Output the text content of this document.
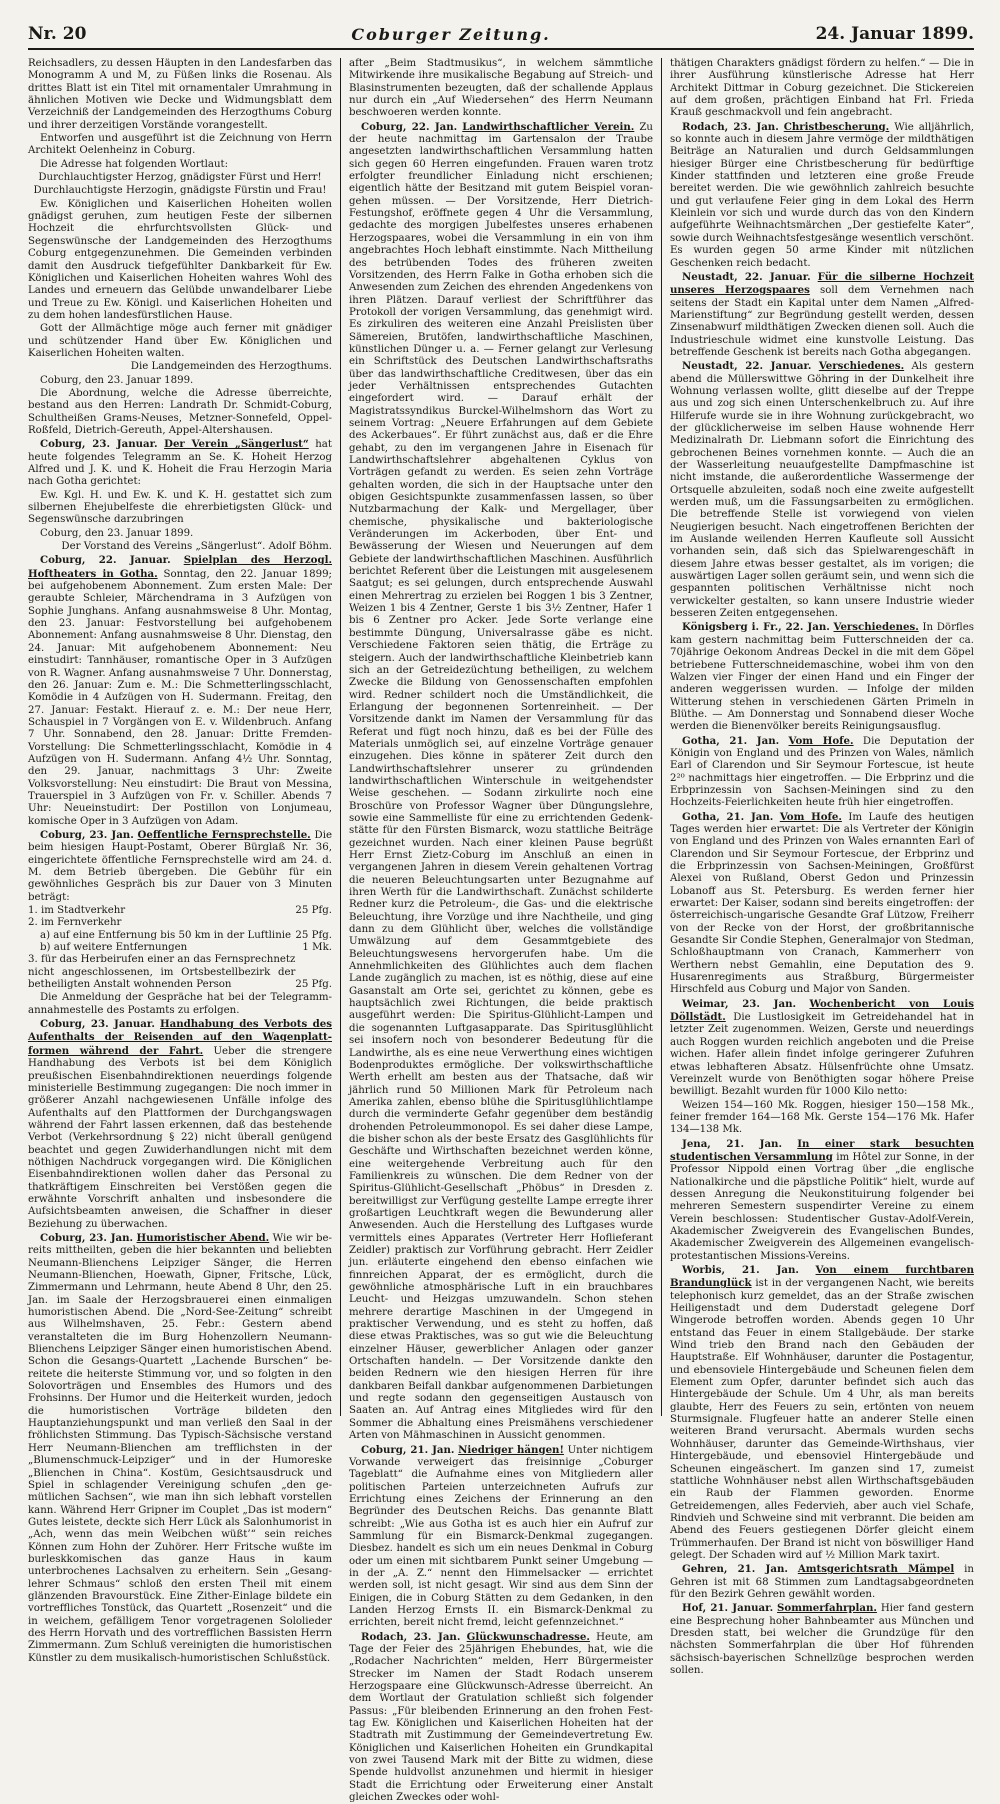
Nr. 20	Coburger Zeitung.	24. Januar 1899.

Reichsadlers, zu dessen Häupten in den Landesfarben das Monogramm A und M, zu Füßen links die Rosenau. Als drittes Blatt ist ein Titel mit ornamentaler Umrahmung in ähnlichen Motiven wie Decke und Widmungsblatt dem Verzeichniß der Landgemeinden des Herzogthums Coburg und ihrer derzeitigen Vorstände vorangestellt.

Entworfen und ausgeführt ist die Zeichnung von Herrn Architekt Oelenheinz in Coburg.

Die Adresse hat folgenden Wortlaut:

Durchlauchtigster Herzog, gnädigster Fürst und Herr!

Durchlauchtigste Herzogin, gnädigste Fürstin und Frau!

Ew. Königlichen und Kaiserlichen Hoheiten wollen gnädigst geruhen, zum heutigen Feste der silbernen Hochzeit die ehrfurchtsvollsten Glück- und Segenswünsche der Landgemeinden des Herzogthums Coburg entgegenzunehmen. Die Gemeinden verbinden damit den Ausdruck tiefgefühlter Dankbarkeit für Ew. Königlichen und Kaiserlichen Hoheiten wahres Wohl des Landes und erneuern das Gelübde unwandelbarer Liebe und Treue zu Ew. Königl. und Kaiserlichen Hoheiten und zu dem hohen landesfürstlichen Hause.

Gott der Allmächtige möge auch ferner mit gnädiger und schützender Hand über Ew. Königlichen und Kaiserlichen Hoheiten walten.

Die Landgemeinden des Herzogthums.

Coburg, den 23. Januar 1899.

Die Abordnung, welche die Adresse überreichte, bestand aus den Herren: Landrath Dr. Schmidt-Coburg, Schultheißen Grams-Neuses, Metzner-Sonnefeld, Oppel-Roßfeld, Dietrich-Gereuth, Appel-Altershausen.

Coburg, 23. Januar. Der Verein „Sängerlust“ hat heute folgendes Telegramm an Se. K. Hoheit Herzog Alfred und J. K. und K. Hoheit die Frau Herzogin Maria nach Gotha gerichtet:

Ew. Kgl. H. und Ew. K. und K. H. gestattet sich zum silbernen Ehejubelfeste die ehrerbietigsten Glück- und Segenswünsche darzubringen

Coburg, den 23. Januar 1899.

Der Vorstand des Vereins „Sängerlust“. Adolf Böhm.

Coburg, 22. Januar. Spielplan des Herzogl. Hoftheaters in Gotha. Sonntag, den 22. Januar 1899; bei aufgehobenem Abonnement. Zum ersten Male: Der geraubte Schleier, Märchendrama in 3 Aufzügen von Sophie Junghans. Anfang ausnahmsweise 8 Uhr. Montag, den 23. Januar: Festvorstellung bei aufgehobenem Abonnement: Anfang ausnahmsweise 8 Uhr. Dienstag, den 24. Januar: Mit aufgehobenem Abonnement: Neu einstudirt: Tannhäuser, romantische Oper in 3 Aufzügen von R. Wagner. Anfang ausnahmsweise 7 Uhr. Donnerstag, den 26. Januar: Zum e. M.: Die Schmetterlingsschlacht, Komödie in 4 Aufzügen von H. Sudermann. Freitag, den 27. Januar: Festakt. Hierauf z. e. M.: Der neue Herr, Schauspiel in 7 Vorgängen von E. v. Wildenbruch. Anfang 7 Uhr. Sonnabend, den 28. Januar: Dritte Fremden-Vorstellung: Die Schmetterlingsschlacht, Komödie in 4 Aufzügen von H. Sudermann. Anfang 4½ Uhr. Sonntag, den 29. Januar, nachmittags 3 Uhr: Zweite Volksvorstellung: Neu einstudirt: Die Braut von Messina, Trauerspiel in 3 Aufzügen von Fr. v. Schiller. Abends 7 Uhr: Neueinstudirt: Der Postillon von Lonjumeau, komische Oper in 3 Aufzügen von Adam.

Coburg, 23. Jan. Oeffentliche Fernsprechstelle. Die beim hiesigen Haupt-Postamt, Oberer Bürglaß Nr. 36, eingerichtete öffentliche Fernsprechstelle wird am 24. d. M. dem Betrieb übergeben. Die Gebühr für ein gewöhnliches Gespräch bis zur Dauer von 3 Minuten beträgt:

1. im Stadtverkehr	25 Pfg.
2. im Fernverkehr
a) auf eine Entfernung bis 50 km in der Luftlinie 25 Pfg.
b) auf weitere Entfernungen	1 Mk.
3. für das Herbeirufen einer an das Fernsprechnetz nicht angeschlossenen, im Ortsbestellbezirk der betheiligten Anstalt wohnenden Person	25 Pfg.

Die Anmeldung der Gespräche hat bei der Telegrammannahmestelle des Postamts zu erfolgen.

Coburg, 23. Januar. Handhabung des Verbots des Aufenthalts der Reisenden auf den Wagenplattformen während der Fahrt. Ueber die strengere Handhabung des Verbots ist bei dem Königlich preußischen Eisenbahndirektionen neuerdings folgende ministerielle Bestimmung zugegangen: Die noch immer in größerer Anzahl nachgewiesenen Unfälle infolge des Aufenthalts auf den Plattformen der Durchgangswagen während der Fahrt lassen erkennen, daß das bestehende Verbot (Verkehrsordnung § 22) nicht überall genügend beachtet und gegen Zuwiderhandlungen nicht mit dem nöthigen Nachdruck vorgegangen wird. Die Königlichen Eisenbahndirektionen wollen daher das Personal zu thatkräftigem Einschreiten bei Verstößen gegen die erwähnte Vorschrift anhalten und insbesondere die Aufsichtsbeamten anweisen, die Schaffner in dieser Beziehung zu überwachen.

Coburg, 23. Jan. Humoristischer Abend. Wie wir bereits mittheilten, geben die hier bekannten und beliebten Neumann-Blienchens Leipziger Sänger, die Herren Neumann-Blienchen, Hoewath, Gipner, Fritsche, Lück, Zimmermann und Lehrmann, heute Abend 8 Uhr, den 25. Jan. im Saale der Herzogsbrauerei einen einmaligen humoristischen Abend. Die „Nord-See-Zeitung“ schreibt aus Wilhelmshaven, 25. Febr.: Gestern abend veranstalteten die im Burg Hohenzollern Neumann-Blienchens Leipziger Sänger einen humoristischen Abend. Schon die Gesangs-Quartett „Lachende Burschen“ bereitete die heiterste Stimmung vor, und so folgten in den Solovorträgen und Ensembles des Humors und des Frohsinns. Der Humor und die Heiterkeit wurden, jedoch die humoristischen Vorträge bildeten den Hauptanziehungspunkt und man verließ den Saal in der fröhlichsten Stimmung. Das Typisch-Sächsische verstand Herr Neumann-Blienchen am trefflichsten in der „Blumenschmuck-Leipziger“ und in der Humoreske „Blienchen in China“. Kostüm, Gesichtsausdruck und Spiel in schlagender Vereinigung schufen „den gemütlichen Sachsen“, wie man ihn sich lebhaft vorstellen kann. Während Herr Gripner im Couplet „Das ist modern“ Gutes leistete, deckte sich Herr Lück als Salonhumorist in „Ach, wenn das mein Weibchen wüßt’“ sein reiches Können zum Hohn der Zuhörer. Herr Fritsche wußte im burleskkomischen das ganze Haus in kaum unterbrochenes Lachsalven zu erheitern. Sein „Gesanglehrer Schmaus“ schloß den ersten Theil mit einem glänzenden Bravourstück. Eine Zither-Einlage bildete ein vortreffliches Tonstück, das Quartett „Rosenzeit“ und die in weichem, gefälligem Tenor vorgetragenen Sololieder des Herrn Horvath und des vortrefflichen Bassisten Herrn Zimmermann. Zum Schluß vereinigten die humoristischen Künstler zu dem musikalisch-humoristischen Schlußstück.

after „Beim Stadtmusikus“, in welchem sämmtliche Mitwirkende ihre musikalische Begabung auf Streich- und Blasinstrumenten bezeugten, daß der schallende Applaus nur durch ein „Auf Wiedersehen“ des Herrn Neumann beschwoeren werden konnte.

Coburg, 22. Jan. Landwirthschaftlicher Verein. Zu der heute nachmittag im Gartensalon der Traube angesetzten landwirthschaftlichen Versammlung hatten sich gegen 60 Herren eingefunden. Frauen waren trotz erfolgter freundlicher Einladung nicht erschienen; eigentlich hätte der Besitzand mit gutem Beispiel vorangehen müssen. — Der Vorsitzende, Herr Dietrich-Festungshof, eröffnete gegen 4 Uhr die Versammlung, gedachte des morgigen Jubelfestes unseres erhabenen Herzogspaares, wobei die Versammlung in ein von ihm angebrachtes Hoch lebhaft einstimmte. Nach Mittheilung des betrübenden Todes des früheren zweiten Vorsitzenden, des Herrn Falke in Gotha erhoben sich die Anwesenden zum Zeichen des ehrenden Angedenkens von ihren Plätzen. Darauf verliest der Schriftführer das Protokoll der vorigen Versammlung, das genehmigt wird. Es zirkuliren des weiteren eine Anzahl Preislisten über Sämereien, Brutöfen, landwirthschaftliche Maschinen, künstlichen Dünger u. a. — Ferner gelangt zur Verlesung ein Schriftstück des Deutschen Landwirthschaftsraths über das landwirthschaftliche Creditwesen, über das ein jeder Verhältnissen entsprechendes Gutachten eingefordert wird. — Darauf erhält der Magistratssyndikus Burckel-Wilhelmshorn das Wort zu seinem Vortrag: „Neuere Erfahrungen auf dem Gebiete des Ackerbaues“. Er führt zunächst aus, daß er die Ehre gehabt, zu den im vergangenen Jahre in Eisenach für Landwirthschaftslehrer abgehaltenen Cyklus von Vorträgen gefandt zu werden. Es seien zehn Vorträge gehalten worden, die sich in der Hauptsache unter den obigen Gesichtspunkte zusammenfassen lassen, so über Nutzbarmachung der Kalk- und Mergellager, über chemische, physikalische und bakteriologische Veränderungen im Ackerboden, über Ent- und Bewässerung der Wiesen und Neuerungen auf dem Gebiete der landwirthschaftlichen Maschinen. Ausführlich berichtet Referent über die Leistungen mit ausgelesenem Saatgut; es sei gelungen, durch entsprechende Auswahl einen Mehrertrag zu erzielen bei Roggen 1 bis 3 Zentner, Weizen 1 bis 4 Zentner, Gerste 1 bis 3½ Zentner, Hafer 1 bis 6 Zentner pro Acker. Jede Sorte verlange eine bestimmte Düngung, Universalrasse gäbe es nicht. Verschiedene Faktoren seien thätig, die Erträge zu steigern. Auch der landwirthschaftliche Kleinbetrieb kann sich an der Getreidezüchtung betheiligen, zu welchem Zwecke die Bildung von Genossenschaften empfohlen wird. Redner schildert noch die Umständlichkeit, die Erlangung der begonnenen Sortenreinheit. — Der Vorsitzende dankt im Namen der Versammlung für das Referat und fügt noch hinzu, daß es bei der Fülle des Materials unmöglich sei, auf einzelne Vorträge genauer einzugehen. Dies könne in späterer Zeit durch den Landwirthschaftslehrer unserer zu gründenden landwirthschaftlichen Winterschule in weitgehendster Weise geschehen. — Sodann zirkulirte noch eine Broschüre von Professor Wagner über Düngungslehre, sowie eine Sammelliste für eine zu errichtenden Gedenkstätte für den Fürsten Bismarck, wozu stattliche Beiträge gezeichnet wurden. Nach einer kleinen Pause begrüßt Herr Ernst Zietz-Coburg im Anschluß an einen in vergangenen Jahren in diesem Verein gehaltenen Vortrag die neueren Beleuchtungsarten unter Bezugnahme auf ihren Werth für die Landwirthschaft. Zunächst schilderte Redner kurz die Petroleum-, die Gas- und die elektrische Beleuchtung, ihre Vorzüge und ihre Nachtheile, und ging dann zu dem Glühlicht über, welches die vollständige Umwälzung auf dem Gesammtgebiete des Beleuchtungswesens hervorgerufen habe. Um die Annehmlichkeiten des Glühlichtes auch dem flachen Lande zugänglich zu machen, ist es nöthig, diese auf eine Gasanstalt am Orte sei, gerichtet zu können, gebe es hauptsächlich zwei Richtungen, die beide praktisch ausgeführt werden: Die Spiritus-Glühlicht-Lampen und die sogenannten Luftgasapparate. Das Spiritusglühlicht sei insofern noch von besonderer Bedeutung für die Landwirthe, als es eine neue Verwerthung eines wichtigen Bodenproduktes ermögliche. Der volkswirthschaftliche Werth erhellt am besten aus der Thatsache, daß wir jährlich rund 50 Millionen Mark für Petroleum nach Amerika zahlen, ebenso blühe die Spiritusglühlichtlampe durch die verminderte Gefahr gegenüber dem beständig drohenden Petroleummonopol. Es sei daher diese Lampe, die bisher schon als der beste Ersatz des Gasglühlichts für Geschäfte und Wirthschaften bezeichnet werden könne, eine weitergehende Verbreitung auch für den Familienkreis zu wünschen. Die dem Redner von der Spiritus-Glühlicht-Gesellschaft „Phöbus“ in Dresden z. bereitwilligst zur Verfügung gestellte Lampe erregte ihrer großartigen Leuchtkraft wegen die Bewunderung aller Anwesenden. Auch die Herstellung des Luftgases wurde vermittels eines Apparates (Vertreter Herr Hoflieferant Zeidler) praktisch zur Vorführung gebracht. Herr Zeidler jun. erläuterte eingehend den ebenso einfachen wie finnreichen Apparat, der es ermöglicht, durch die gewöhnliche atmosphärische Luft in ein brauchbares Leucht- und Heizgas umzuwandeln. Schon stehen mehrere derartige Maschinen in der Umgegend in praktischer Verwendung, und es steht zu hoffen, daß diese etwas Praktisches, was so gut wie die Beleuchtung einzelner Häuser, gewerblicher Anlagen oder ganzer Ortschaften handeln. — Der Vorsitzende dankte den beiden Rednern wie den hiesigen Herren für ihre dankbaren Beifall dankbar aufgenommenen Darbietungen und regte sodann den gegenseitigen Austausch von Saaten an. Auf Antrag eines Mitgliedes wird für den Sommer die Abhaltung eines Preismähens verschiedener Arten von Mähmaschinen in Aussicht genommen.

Coburg, 21. Jan. Niedriger hängen! Unter nichtigem Vorwande verweigert das freisinnige „Coburger Tageblatt“ die Aufnahme eines von Mitgliedern aller politischen Parteien unterzeichneten Aufrufs zur Errichtung eines Zeichens der Erinnerung an den Begründer des Deutschen Reichs. Das genannte Blatt schreibt: „Wie aus Gotha ist es auch hier ein Aufruf zur Sammlung für ein Bismarck-Denkmal zugegangen. Diesbez. handelt es sich um ein neues Denkmal in Coburg oder um einen mit sichtbarem Punkt seiner Umgebung — in der „A. Z.“ nennt den Himmelsacker — errichtet werden soll, ist nicht gesagt. Wir sind aus dem Sinn der Einigen, die in Coburg Stätten zu dem Gedanken, in den Landen Herzog Ernsts II. ein Bismarck-Denkmal zu errichten, bereit nicht fremd, leicht gefennzeichnet.“

Rodach, 23. Jan. Glückwunschadresse. Heute, am Tage der Feier des 25jährigen Ehebundes, hat, wie die „Rodacher Nachrichten“ melden, Herr Bürgermeister Strecker im Namen der Stadt Rodach unserem Herzogspaare eine Glückwunsch-Adresse überreicht. An dem Wortlaut der Gratulation schließt sich folgender Passus: „Für bleibenden Erinnerung an den frohen Festtag Ew. Königlichen und Kaiserlichen Hoheiten hat der Stadtrath mit Zustimmung der Gemeindevertretung Ew. Königlichen und Kaiserlichen Hoheiten ein Grundkapital von zwei Tausend Mark mit der Bitte zu widmen, diese Spende huldvollst anzunehmen und hiermit in hiesiger Stadt die Errichtung oder Erweiterung einer Anstalt gleichen Zweckes oder wohl-

thätigen Charakters gnädigst fördern zu helfen.“ — Die in ihrer Ausführung künstlerische Adresse hat Herr Architekt Dittmar in Coburg gezeichnet. Die Stickereien auf dem großen, prächtigen Einband hat Frl. Frieda Krauß geschmackvoll und fein angebracht.

Rodach, 23. Jan. Christbescherung. Wie alljährlich, so konnte auch in diesem Jahre vermöge der mildthätigen Beiträge an Naturalien und durch Geldsammlungen hiesiger Bürger eine Christbescherung für bedürftige Kinder stattfinden und letzteren eine große Freude bereitet werden. Die wie gewöhnlich zahlreich besuchte und gut verlaufene Feier ging in dem Lokal des Herrn Kleinlein vor sich und wurde durch das von den Kindern aufgeführte Weihnachtsmärchen „Der gestiefelte Kater“, sowie durch Weihnachtsfestgesänge wesentlich verschönt. Es wurden gegen 50 arme Kinder mit nützlichen Geschenken reich bedacht.

Neustadt, 22. Januar. Für die silberne Hochzeit unseres Herzogspaares soll dem Vernehmen nach seitens der Stadt ein Kapital unter dem Namen „Alfred-Marienstiftung“ zur Begründung gestellt werden, dessen Zinsenabwurf mildthätigen Zwecken dienen soll. Auch die Industrieschule widmet eine kunstvolle Leistung. Das betreffende Geschenk ist bereits nach Gotha abgegangen.

Neustadt, 22. Januar. Verschiedenes. Als gestern abend die Müllerswittwe Göhring in der Dunkelheit ihre Wohnung verlassen wollte, glitt dieselbe auf der Treppe aus und zog sich einen Unterschenkelbruch zu. Auf ihre Hilferufe wurde sie in ihre Wohnung zurückgebracht, wo der glücklicherweise im selben Hause wohnende Herr Medizinalrath Dr. Liebmann sofort die Einrichtung des gebrochenen Beines vornehmen konnte. — Auch die an der Wasserleitung neuaufgestellte Dampfmaschine ist nicht imstande, die außerordentliche Wassermenge der Ortsquelle abzuleiten, sodaß noch eine zweite aufgestellt werden muß, um die Fassungsarbeiten zu ermöglichen. Die betreffende Stelle ist vorwiegend von vielen Neugierigen besucht. Nach eingetroffenen Berichten der im Auslande weilenden Herren Kaufleute soll Aussicht vorhanden sein, daß sich das Spielwarengeschäft in diesem Jahre etwas besser gestaltet, als im vorigen; die auswärtigen Lager sollen geräumt sein, und wenn sich die gespannten politischen Verhältnisse nicht noch verwickelter gestalten, so kann unsere Industrie wieder besseren Zeiten entgegensehen.

Königsberg i. Fr., 22. Jan. Verschiedenes. In Dörfles kam gestern nachmittag beim Futterschneiden der ca. 70jährige Oekonom Andreas Deckel in die mit dem Göpel betriebene Futterschneidemaschine, wobei ihm von den Walzen vier Finger der einen Hand und ein Finger der anderen weggerissen wurden. — Infolge der milden Witterung stehen in verschiedenen Gärten Primeln in Blüthe. — Am Donnerstag und Sonnabend dieser Woche werden die Bienenvölker bereits Reinigungsausflug.

Gotha, 21. Jan. Vom Hofe. Die Deputation der Königin von England und des Prinzen von Wales, nämlich Earl of Clarendon und Sir Seymour Fortescue, ist heute 2²⁰ nachmittags hier eingetroffen. — Die Erbprinz und die Erbprinzessin von Sachsen-Meiningen sind zu den Hochzeits-Feierlichkeiten heute früh hier eingetroffen.

Gotha, 21. Jan. Vom Hofe. Im Laufe des heutigen Tages werden hier erwartet: Die als Vertreter der Königin von England und des Prinzen von Wales ernannten Earl of Clarendon und Sir Seymour Fortescue, der Erbprinz und die Erbprinzessin von Sachsen-Meiningen, Großfürst Alexei von Rußland, Oberst Gedon und Prinzessin Lobanoff aus St. Petersburg. Es werden ferner hier erwartet: Der Kaiser, sodann sind bereits eingetroffen: der österreichisch-ungarische Gesandte Graf Lützow, Freiherr von der Recke von der Horst, der großbritannische Gesandte Sir Condie Stephen, Generalmajor von Stedman, Schloßhauptmann von Cranach, Kammerherr von Werthern nebst Gemahlin, eine Deputation des 9. Husarenregiments aus Straßburg, Bürgermeister Hirschfeld aus Coburg und Major von Sanden.

Weimar, 23. Jan. Wochenbericht von Louis Döllstädt. Die Lustlosigkeit im Getreidehandel hat in letzter Zeit zugenommen. Weizen, Gerste und neuerdings auch Roggen wurden reichlich angeboten und die Preise wichen. Hafer allein findet infolge geringerer Zufuhren etwas lebhafteren Absatz. Hülsenfrüchte ohne Umsatz. Vereinzelt wurde von Benöthigten sogar höhere Preise bewilligt. Bezahlt wurden für 1000 Kilo netto:

Weizen 154—160 Mk. Roggen, hiesiger 150—158 Mk., feiner fremder 164—168 Mk. Gerste 154—176 Mk. Hafer 134—138 Mk.

Jena, 21. Jan. In einer stark besuchten studentischen Versammlung im Hôtel zur Sonne, in der Professor Nippold einen Vortrag über „die englische Nationalkirche und die päpstliche Politik“ hielt, wurde auf dessen Anregung die Neukonstituirung folgender bei mehreren Semestern suspendirter Vereine zu einem Verein beschlossen: Studentischer Gustav-Adolf-Verein, Akademischer Zweigverein des Evangelischen Bundes, Akademischer Zweigverein des Allgemeinen evangelisch-protestantischen Missions-Vereins.

Worbis, 21. Jan. Von einem furchtbaren Brandunglück ist in der vergangenen Nacht, wie bereits telephonisch kurz gemeldet, das an der Straße zwischen Heiligenstadt und dem Duderstadt gelegene Dorf Wingerode betroffen worden. Abends gegen 10 Uhr entstand das Feuer in einem Stallgebäude. Der starke Wind trieb den Brand nach den Gebäuden der Hauptstraße. Elf Wohnhäuser, darunter die Postagentur, und ebensoviele Hintergebäude und Scheunen fielen dem Element zum Opfer, darunter befindet sich auch das Hintergebäude der Schule. Um 4 Uhr, als man bereits glaubte, Herr des Feuers zu sein, ertönten von neuem Sturmsignale. Flugfeuer hatte an anderer Stelle einen weiteren Brand verursacht. Abermals wurden sechs Wohnhäuser, darunter das Gemeinde-Wirthshaus, vier Hintergebäude, und ebensoviel Hintergebäude und Scheunen eingeäschert. Im ganzen sind 17, zumeist stattliche Wohnhäuser nebst allen Wirthschaftsgebäuden ein Raub der Flammen geworden. Enorme Getreidemengen, alles Federvieh, aber auch viel Schafe, Rindvieh und Schweine sind mit verbrannt. Die beiden am Abend des Feuers gestiegenen Dörfer gleicht einem Trümmerhaufen. Der Brand ist nicht von böswilliger Hand gelegt. Der Schaden wird auf ½ Million Mark taxirt.

Gehren, 21. Jan. Amtsgerichtsrath Mämpel in Gehren ist mit 68 Stimmen zum Landtagsabgeordneten für den Bezirk Gehren gewählt worden.

Hof, 21. Januar. Sommerfahrplan. Hier fand gestern eine Besprechung hoher Bahnbeamter aus München und Dresden statt, bei welcher die Grundzüge für den nächsten Sommerfahrplan die über Hof führenden sächsisch-bayerischen Schnellzüge besprochen werden sollen.
